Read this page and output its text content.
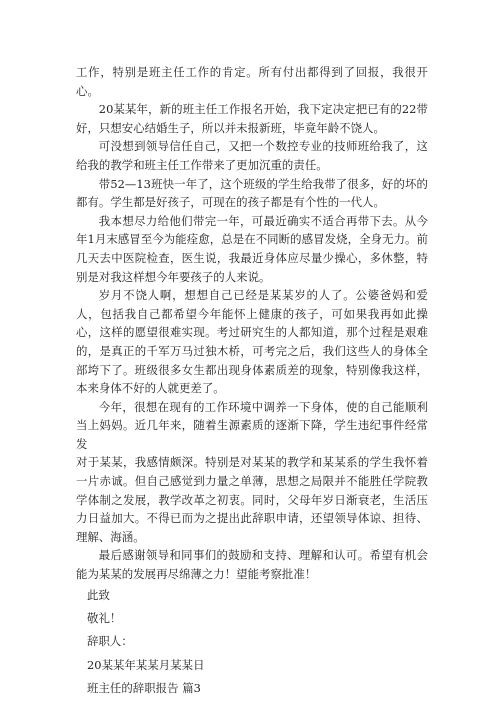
工作，特别是班主任工作的肯定。所有付出都得到了回报，我很开心。

20某某年，新的班主任工作报名开始，我下定决定把已有的22带好，只想安心结婚生子，所以并未报新班，毕竟年龄不饶人。

可没想到领导信任自己，又把一个数控专业的技师班给我了，这给我的教学和班主任工作带来了更加沉重的责任。

带52—13班快一年了，这个班级的学生给我带了很多，好的坏的都有。学生都是好孩子，可现在的孩子都是有个性的一代人。

我本想尽力给他们带完一年，可最近确实不适合再带下去。从今年1月末感冒至今为能痊愈，总是在不同断的感冒发烧，全身无力。前几天去中医院检查，医生说，我最近身体应尽量少操心，多休整，特别是对我这样想今年要孩子的人来说。

岁月不饶人啊，想想自己已经是某某岁的人了。公婆爸妈和爱人，包括我自己都希望今年能怀上健康的孩子，可如果我再如此操心，这样的愿望很难实现。考过研究生的人都知道，那个过程是艰难的，是真正的千军万马过独木桥，可考完之后，我们这些人的身体全部垮下了。班级很多女生都出现身体素质差的现象，特别像我这样，本来身体不好的人就更差了。

今年，很想在现有的工作环境中调养一下身体，使的自己能顺利当上妈妈。近几年来，随着生源素质的逐渐下降，学生违纪事件经常发

对于某某，我感情颇深。特别是对某某的教学和某某系的学生我怀着一片赤诚。但自己感觉到力量之单薄，思想之局限并不能胜任学院教学体制之发展，教学改革之初衷。同时，父母年岁日渐衰老，生活压力日益加大。不得已而为之提出此辞职申请，还望领导体谅、担待、理解、海涵。

最后感谢领导和同事们的鼓励和支持、理解和认可。希望有机会能为某某的发展再尽绵薄之力！望能考察批准！

此致

敬礼！

辞职人：

20某某年某某月某某日

班主任的辞职报告 篇3
